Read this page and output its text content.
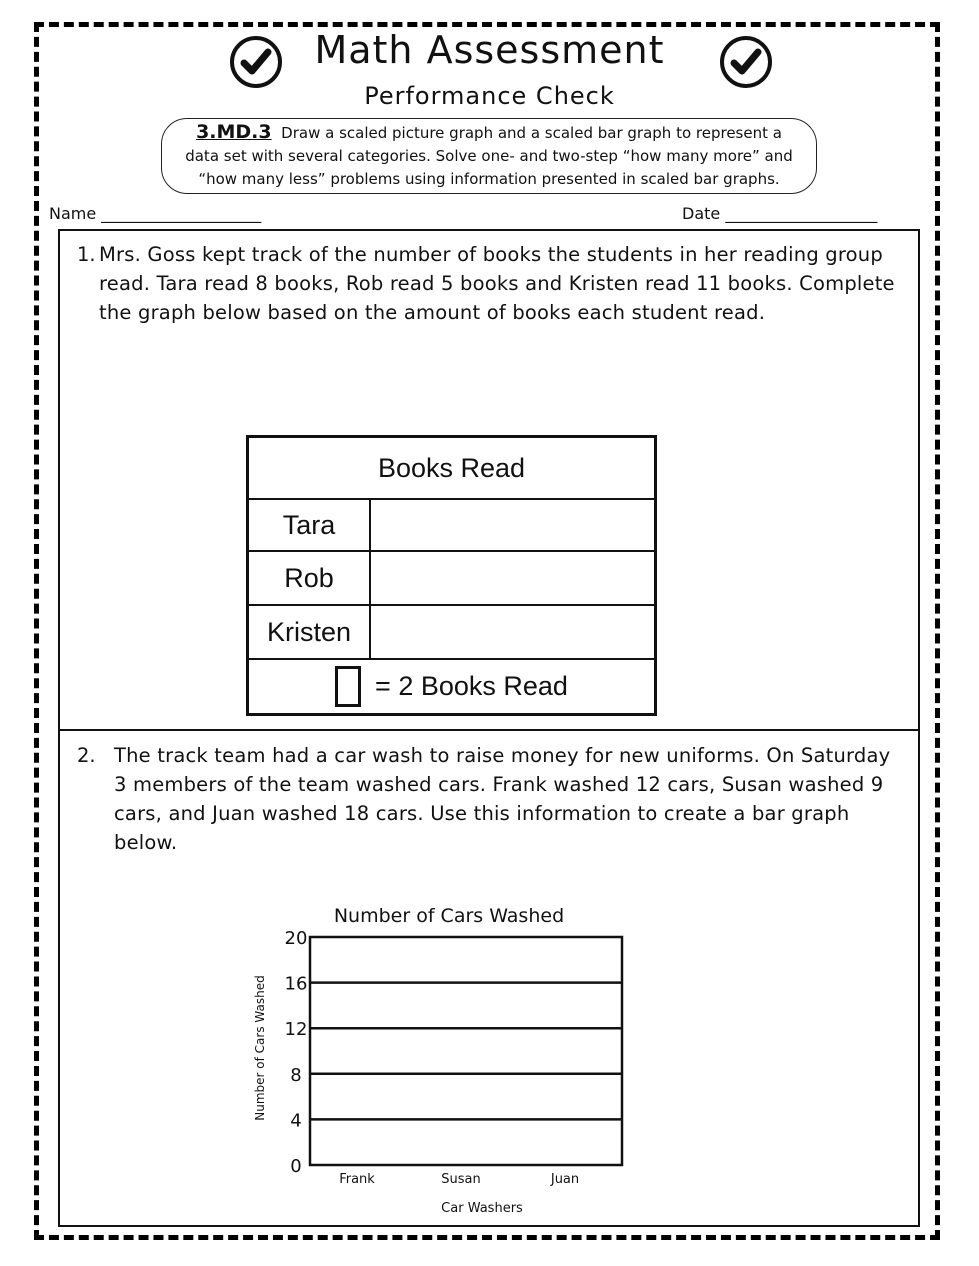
Math Assessment
Performance Check
3.MD.3 Draw a scaled picture graph and a scaled bar graph to represent a
data set with several categories. Solve one- and two-step “how many more” and
“how many less” problems using information presented in scaled bar graphs.
Name ____________________	Date ___________________
1. Mrs. Goss kept track of the number of books the students in her reading group
read. Tara read 8 books, Rob read 5 books and Kristen read 11 books. Complete
the graph below based on the amount of books each student read.
Books Read
Tara
Rob
Kristen
= 2 Books Read
2. The track team had a car wash to raise money for new uniforms. On Saturday
3 members of the team washed cars. Frank washed 12 cars, Susan washed 9
cars, and Juan washed 18 cars. Use this information to create a bar graph
below.
Number of Cars Washed
0
4
8
12
16
20
Frank	Susan	Juan
Number of Cars Washed
Car Washers
